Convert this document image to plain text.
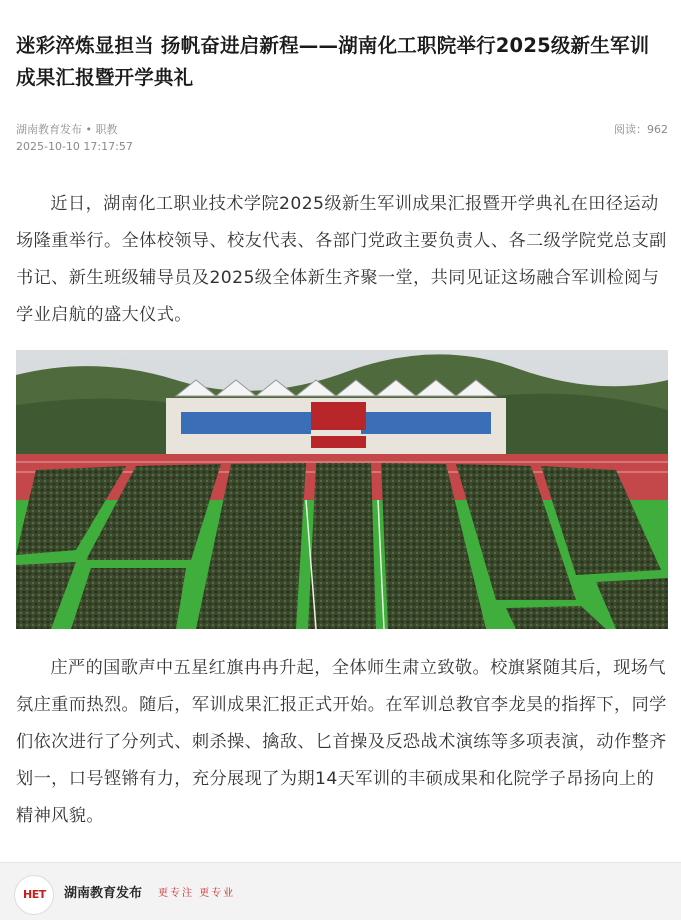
迷彩淬炼显担当 扬帆奋进启新程——湖南化工职院举行2025级新生军训成果汇报暨开学典礼
湖南教育发布 • 职教
2025-10-10 17:17:57
阅读：962

近日，湖南化工职业技术学院2025级新生军训成果汇报暨开学典礼在田径运动场隆重举行。全体校领导、校友代表、各部门党政主要负责人、各二级学院党总支副书记、新生班级辅导员及2025级全体新生齐聚一堂，共同见证这场融合军训检阅与学业启航的盛大仪式。

庄严的国歌声中五星红旗冉冉升起，全体师生肃立致敬。校旗紧随其后，现场气氛庄重而热烈。随后，军训成果汇报正式开始。在军训总教官李龙昊的指挥下，同学们依次进行了分列式、刺杀操、擒敌、匕首操及反恐战术演练等多项表演，动作整齐划一，口号铿锵有力，充分展现了为期14天军训的丰硕成果和化院学子昂扬向上的精神风貌。

HET 湖南教育发布 更专注 更专业
